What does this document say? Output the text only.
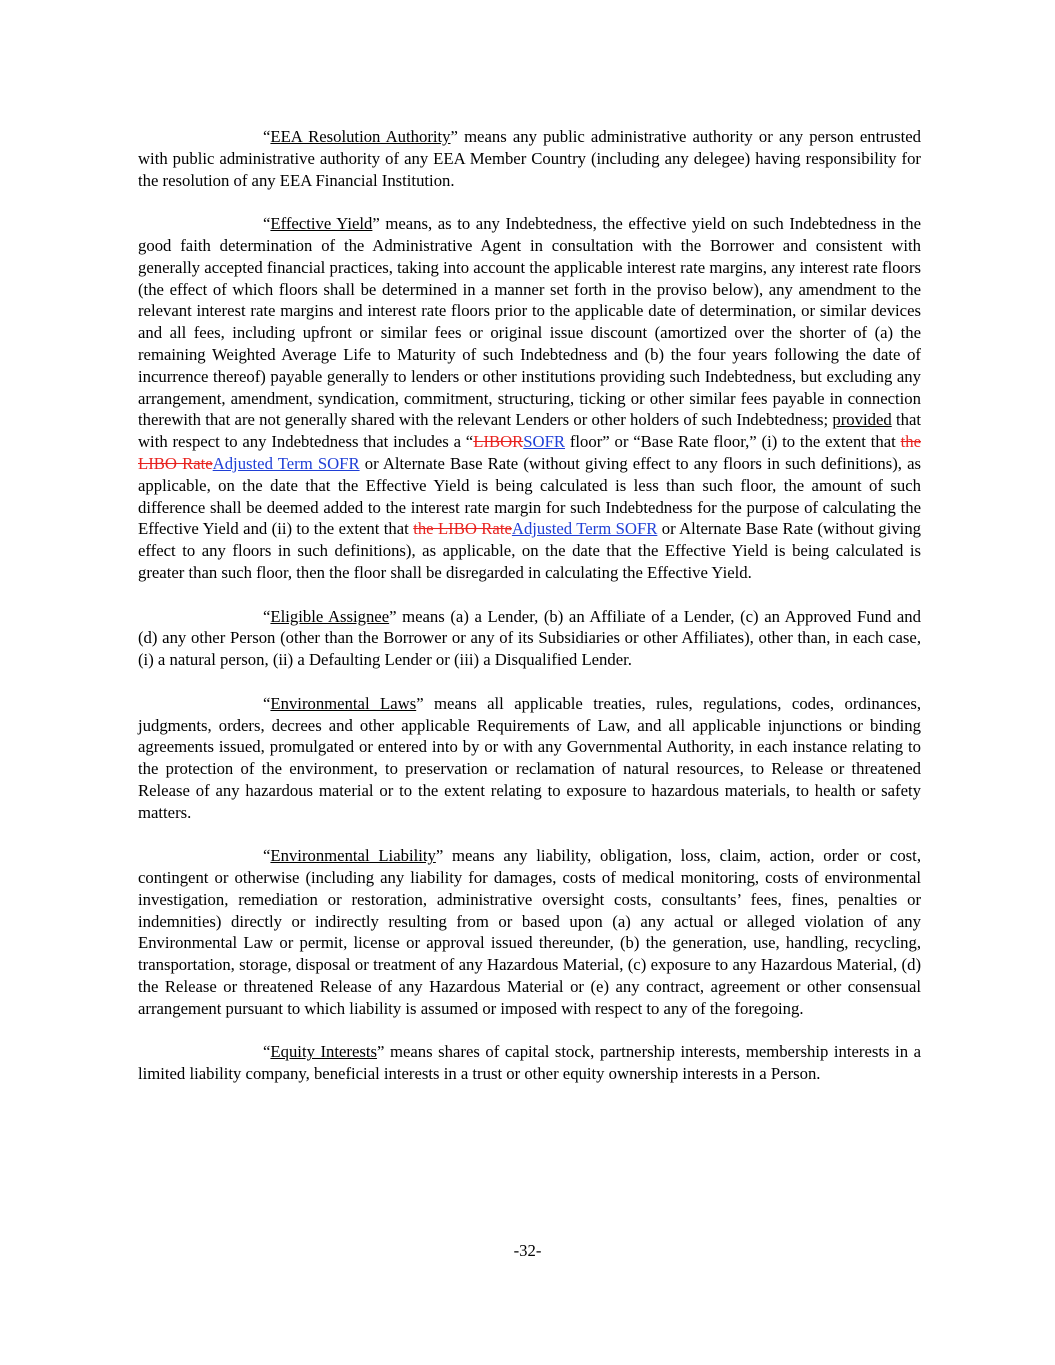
“EEA Resolution Authority” means any public administrative authority or any person entrusted with public administrative authority of any EEA Member Country (including any delegee) having responsibility for the resolution of any EEA Financial Institution.

“Effective Yield” means, as to any Indebtedness, the effective yield on such Indebtedness in the good faith determination of the Administrative Agent in consultation with the Borrower and consistent with generally accepted financial practices, taking into account the applicable interest rate margins, any interest rate floors (the effect of which floors shall be determined in a manner set forth in the proviso below), any amendment to the relevant interest rate margins and interest rate floors prior to the applicable date of determination, or similar devices and all fees, including upfront or similar fees or original issue discount (amortized over the shorter of (a) the remaining Weighted Average Life to Maturity of such Indebtedness and (b) the four years following the date of incurrence thereof) payable generally to lenders or other institutions providing such Indebtedness, but excluding any arrangement, amendment, syndication, commitment, structuring, ticking or other similar fees payable in connection therewith that are not generally shared with the relevant Lenders or other holders of such Indebtedness; provided that with respect to any Indebtedness that includes a “LIBORSOFR floor” or “Base Rate floor,” (i) to the extent that the LIBO RateAdjusted Term SOFR or Alternate Base Rate (without giving effect to any floors in such definitions), as applicable, on the date that the Effective Yield is being calculated is less than such floor, the amount of such difference shall be deemed added to the interest rate margin for such Indebtedness for the purpose of calculating the Effective Yield and (ii) to the extent that the LIBO RateAdjusted Term SOFR or Alternate Base Rate (without giving effect to any floors in such definitions), as applicable, on the date that the Effective Yield is being calculated is greater than such floor, then the floor shall be disregarded in calculating the Effective Yield.

“Eligible Assignee” means (a) a Lender, (b) an Affiliate of a Lender, (c) an Approved Fund and (d) any other Person (other than the Borrower or any of its Subsidiaries or other Affiliates), other than, in each case, (i) a natural person, (ii) a Defaulting Lender or (iii) a Disqualified Lender.

“Environmental Laws” means all applicable treaties, rules, regulations, codes, ordinances, judgments, orders, decrees and other applicable Requirements of Law, and all applicable injunctions or binding agreements issued, promulgated or entered into by or with any Governmental Authority, in each instance relating to the protection of the environment, to preservation or reclamation of natural resources, to Release or threatened Release of any hazardous material or to the extent relating to exposure to hazardous materials, to health or safety matters.

“Environmental Liability” means any liability, obligation, loss, claim, action, order or cost, contingent or otherwise (including any liability for damages, costs of medical monitoring, costs of environmental investigation, remediation or restoration, administrative oversight costs, consultants’ fees, fines, penalties or indemnities) directly or indirectly resulting from or based upon (a) any actual or alleged violation of any Environmental Law or permit, license or approval issued thereunder, (b) the generation, use, handling, recycling, transportation, storage, disposal or treatment of any Hazardous Material, (c) exposure to any Hazardous Material, (d) the Release or threatened Release of any Hazardous Material or (e) any contract, agreement or other consensual arrangement pursuant to which liability is assumed or imposed with respect to any of the foregoing.

“Equity Interests” means shares of capital stock, partnership interests, membership interests in a limited liability company, beneficial interests in a trust or other equity ownership interests in a Person.

-32-
